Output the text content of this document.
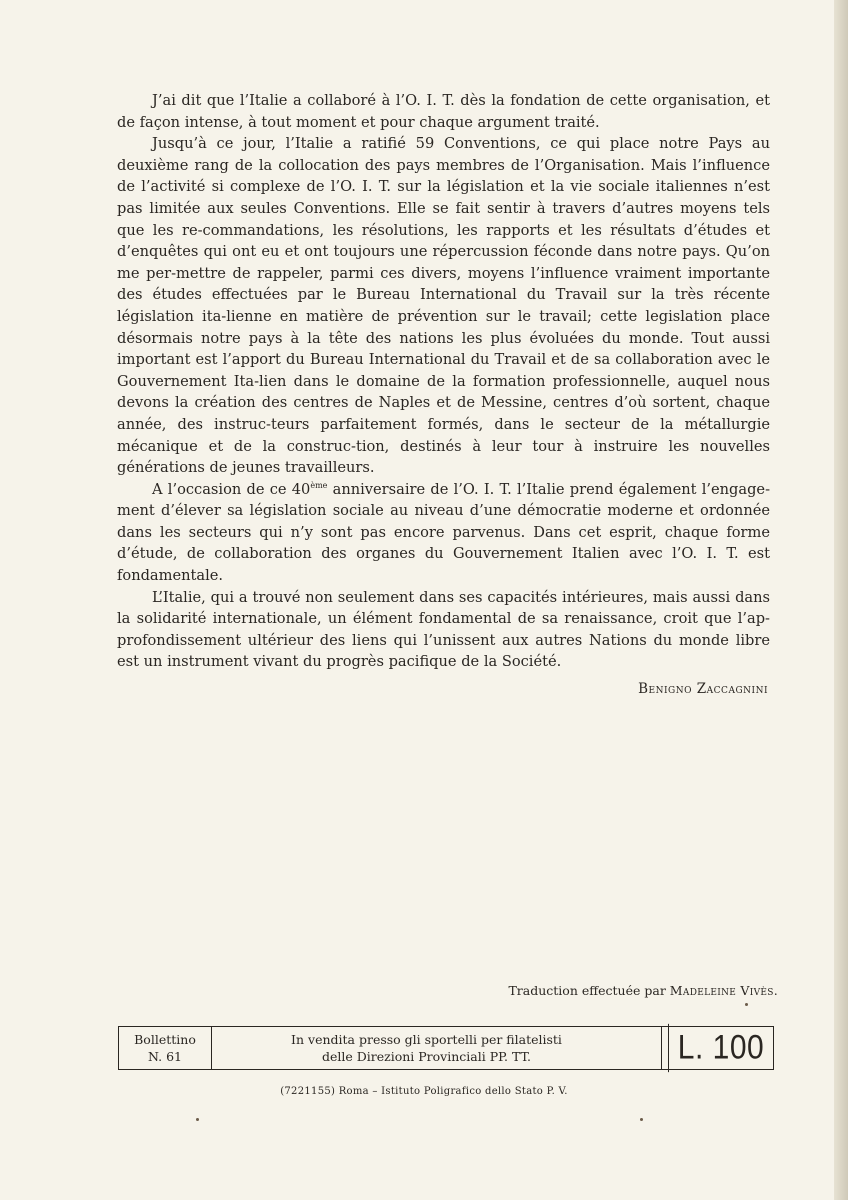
J’ai dit que l’Italie a collaboré à l’O. I. T. dès la fondation de cette organisation, et de façon intense, à tout moment et pour chaque argument traité.

Jusqu’à ce jour, l’Italie a ratifié 59 Conventions, ce qui place notre Pays au deuxième rang de la collocation des pays membres de l’Organisation. Mais l’influence de l’activité si complexe de l’O. I. T. sur la législation et la vie sociale italiennes n’est pas limitée aux seules Conventions. Elle se fait sentir à travers d’autres moyens tels que les re-commandations, les résolutions, les rapports et les résultats d’études et d’enquêtes qui ont eu et ont toujours une répercussion féconde dans notre pays. Qu’on me per-mettre de rappeler, parmi ces divers, moyens l’influence vraiment importante des études effectuées par le Bureau International du Travail sur la très récente législation ita-lienne en matière de prévention sur le travail; cette legislation place désormais notre pays à la tête des nations les plus évoluées du monde. Tout aussi important est l’apport du Bureau International du Travail et de sa collaboration avec le Gouvernement Ita-lien dans le domaine de la formation professionnelle, auquel nous devons la création des centres de Naples et de Messine, centres d’où sortent, chaque année, des instruc-teurs parfaitement formés, dans le secteur de la métallurgie mécanique et de la construc-tion, destinés à leur tour à instruire les nouvelles générations de jeunes travailleurs.

A l’occasion de ce 40ème anniversaire de l’O. I. T. l’Italie prend également l’engage-ment d’élever sa législation sociale au niveau d’une démocratie moderne et ordonnée dans les secteurs qui n’y sont pas encore parvenus. Dans cet esprit, chaque forme d’étude, de collaboration des organes du Gouvernement Italien avec l’O. I. T. est fondamentale.

L’Italie, qui a trouvé non seulement dans ses capacités intérieures, mais aussi dans la solidarité internationale, un élément fondamental de sa renaissance, croit que l’ap-profondissement ultérieur des liens qui l’unissent aux autres Nations du monde libre est un instrument vivant du progrès pacifique de la Société.

Benigno Zaccagnini
Traduction effectuée par Madeleine Vivès.
Bollettino
N. 61
In vendita presso gli sportelli per filatelisti
delle Direzioni Provinciali PP. TT.	L. 100
(7221155) Roma – Istituto Poligrafico dello Stato P. V.
